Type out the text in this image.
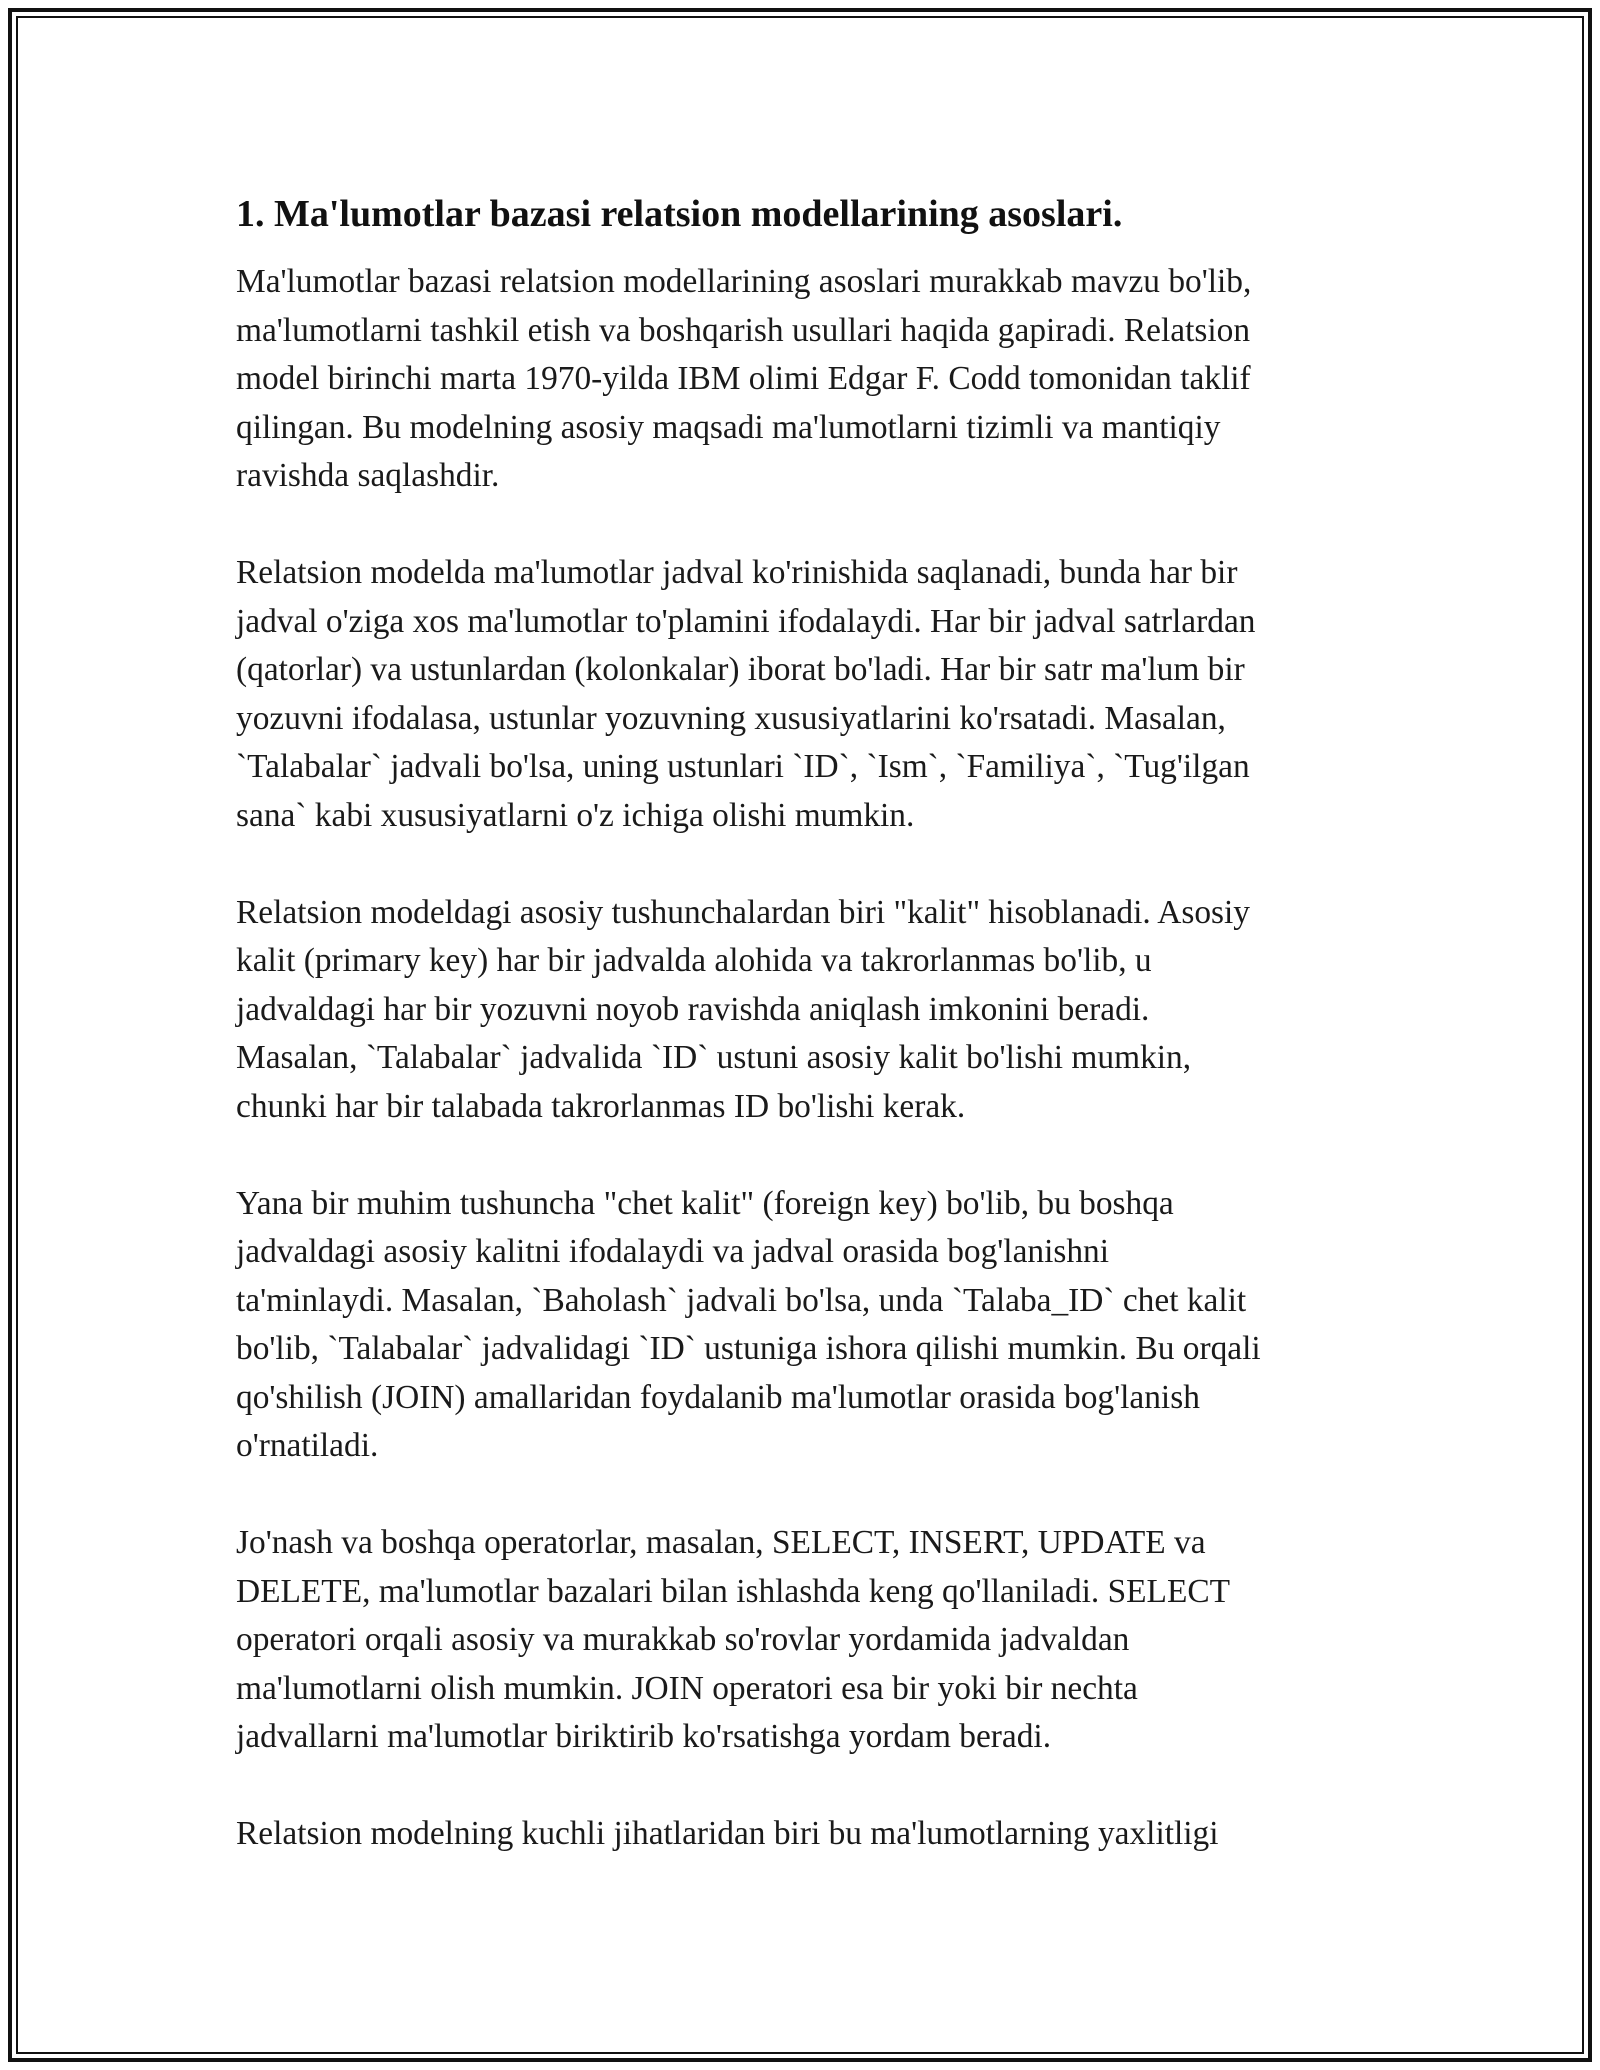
1. Ma'lumotlar bazasi relatsion modellarining asoslari.

Ma'lumotlar bazasi relatsion modellarining asoslari murakkab mavzu bo'lib,
ma'lumotlarni tashkil etish va boshqarish usullari haqida gapiradi. Relatsion
model birinchi marta 1970-yilda IBM olimi Edgar F. Codd tomonidan taklif
qilingan. Bu modelning asosiy maqsadi ma'lumotlarni tizimli va mantiqiy
ravishda saqlashdir.

Relatsion modelda ma'lumotlar jadval ko'rinishida saqlanadi, bunda har bir
jadval o'ziga xos ma'lumotlar to'plamini ifodalaydi. Har bir jadval satrlardan
(qatorlar) va ustunlardan (kolonkalar) iborat bo'ladi. Har bir satr ma'lum bir
yozuvni ifodalasa, ustunlar yozuvning xususiyatlarini ko'rsatadi. Masalan,
`Talabalar` jadvali bo'lsa, uning ustunlari `ID`, `Ism`, `Familiya`, `Tug'ilgan
sana` kabi xususiyatlarni o'z ichiga olishi mumkin.

Relatsion modeldagi asosiy tushunchalardan biri "kalit" hisoblanadi. Asosiy
kalit (primary key) har bir jadvalda alohida va takrorlanmas bo'lib, u
jadvaldagi har bir yozuvni noyob ravishda aniqlash imkonini beradi.
Masalan, `Talabalar` jadvalida `ID` ustuni asosiy kalit bo'lishi mumkin,
chunki har bir talabada takrorlanmas ID bo'lishi kerak.

Yana bir muhim tushuncha "chet kalit" (foreign key) bo'lib, bu boshqa
jadvaldagi asosiy kalitni ifodalaydi va jadval orasida bog'lanishni
ta'minlaydi. Masalan, `Baholash` jadvali bo'lsa, unda `Talaba_ID` chet kalit
bo'lib, `Talabalar` jadvalidagi `ID` ustuniga ishora qilishi mumkin. Bu orqali
qo'shilish (JOIN) amallaridan foydalanib ma'lumotlar orasida bog'lanish
o'rnatiladi.

Jo'nash va boshqa operatorlar, masalan, SELECT, INSERT, UPDATE va
DELETE, ma'lumotlar bazalari bilan ishlashda keng qo'llaniladi. SELECT
operatori orqali asosiy va murakkab so'rovlar yordamida jadvaldan
ma'lumotlarni olish mumkin. JOIN operatori esa bir yoki bir nechta
jadvallarni ma'lumotlar biriktirib ko'rsatishga yordam beradi.

Relatsion modelning kuchli jihatlaridan biri bu ma'lumotlarning yaxlitligi
